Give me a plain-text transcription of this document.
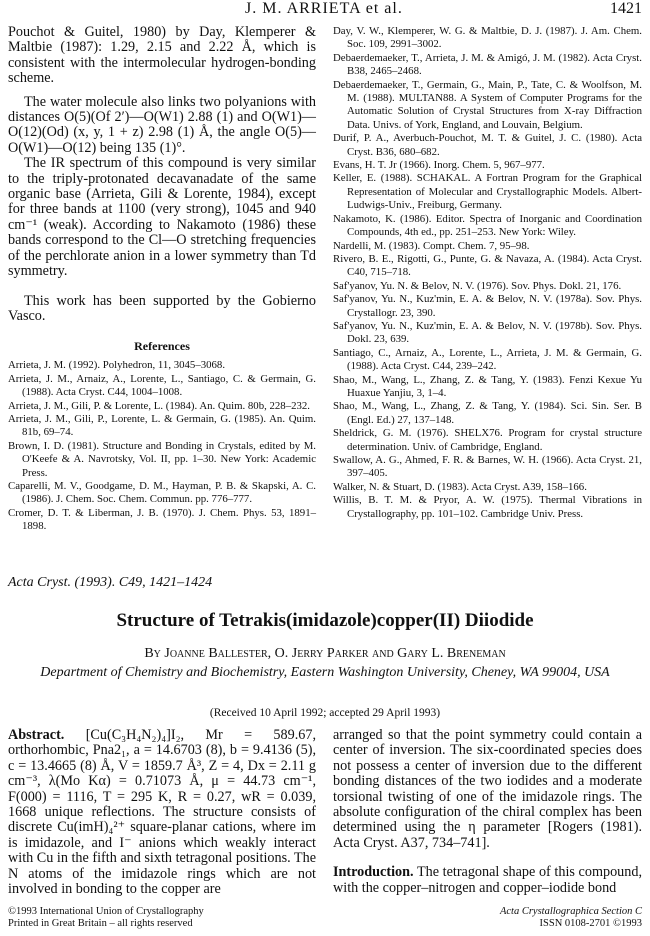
J. M. ARRIETA et al.	1421

Pouchot & Guitel, 1980) by Day, Klemperer & Maltbie (1987): 1.29, 2.15 and 2.22 Å, which is consistent with the intermolecular hydrogen-bonding scheme.

The water molecule also links two polyanions with distances O(5)(Of 2′)—O(W1) 2.88 (1) and O(W1)—O(12)(Od) (x, y, 1 + z) 2.98 (1) Å, the angle O(5)—O(W1)—O(12) being 135 (1)°.

The IR spectrum of this compound is very similar to the triply-protonated decavanadate of the same organic base (Arrieta, Gili & Lorente, 1984), except for three bands at 1100 (very strong), 1045 and 940 cm⁻¹ (weak). According to Nakamoto (1986) these bands correspond to the Cl—O stretching frequencies of the perchlorate anion in a lower symmetry than Td symmetry.

This work has been supported by the Gobierno Vasco.

References

Arrieta, J. M. (1992). Polyhedron, 11, 3045–3068.

Arrieta, J. M., Arnaiz, A., Lorente, L., Santiago, C. & Germain, G. (1988). Acta Cryst. C44, 1004–1008.

Arrieta, J. M., Gili, P. & Lorente, L. (1984). An. Quim. 80b, 228–232.

Arrieta, J. M., Gili, P., Lorente, L. & Germain, G. (1985). An. Quim. 81b, 69–74.

Brown, I. D. (1981). Structure and Bonding in Crystals, edited by M. O'Keefe & A. Navrotsky, Vol. II, pp. 1–30. New York: Academic Press.

Caparelli, M. V., Goodgame, D. M., Hayman, P. B. & Skapski, A. C. (1986). J. Chem. Soc. Chem. Commun. pp. 776–777.

Cromer, D. T. & Liberman, J. B. (1970). J. Chem. Phys. 53, 1891–1898.

Day, V. W., Klemperer, W. G. & Maltbie, D. J. (1987). J. Am. Chem. Soc. 109, 2991–3002.

Debaerdemaeker, T., Arrieta, J. M. & Amigó, J. M. (1982). Acta Cryst. B38, 2465–2468.

Debaerdemaeker, T., Germain, G., Main, P., Tate, C. & Woolfson, M. M. (1988). MULTAN88. A System of Computer Programs for the Automatic Solution of Crystal Structures from X-ray Diffraction Data. Univs. of York, England, and Louvain, Belgium.

Durif, P. A., Averbuch-Pouchot, M. T. & Guitel, J. C. (1980). Acta Cryst. B36, 680–682.

Evans, H. T. Jr (1966). Inorg. Chem. 5, 967–977.

Keller, E. (1988). SCHAKAL. A Fortran Program for the Graphical Representation of Molecular and Crystallographic Models. Albert-Ludwigs-Univ., Freiburg, Germany.

Nakamoto, K. (1986). Editor. Spectra of Inorganic and Coordination Compounds, 4th ed., pp. 251–253. New York: Wiley.

Nardelli, M. (1983). Compt. Chem. 7, 95–98.

Rivero, B. E., Rigotti, G., Punte, G. & Navaza, A. (1984). Acta Cryst. C40, 715–718.

Saf'yanov, Yu. N. & Belov, N. V. (1976). Sov. Phys. Dokl. 21, 176.

Saf'yanov, Yu. N., Kuz'min, E. A. & Belov, N. V. (1978a). Sov. Phys. Crystallogr. 23, 390.

Saf'yanov, Yu. N., Kuz'min, E. A. & Belov, N. V. (1978b). Sov. Phys. Dokl. 23, 639.

Santiago, C., Arnaiz, A., Lorente, L., Arrieta, J. M. & Germain, G. (1988). Acta Cryst. C44, 239–242.

Shao, M., Wang, L., Zhang, Z. & Tang, Y. (1983). Fenzi Kexue Yu Huaxue Yanjiu, 3, 1–4.

Shao, M., Wang, L., Zhang, Z. & Tang, Y. (1984). Sci. Sin. Ser. B (Engl. Ed.) 27, 137–148.

Sheldrick, G. M. (1976). SHELX76. Program for crystal structure determination. Univ. of Cambridge, England.

Swallow, A. G., Ahmed, F. R. & Barnes, W. H. (1966). Acta Cryst. 21, 397–405.

Walker, N. & Stuart, D. (1983). Acta Cryst. A39, 158–166.

Willis, B. T. M. & Pryor, A. W. (1975). Thermal Vibrations in Crystallography, pp. 101–102. Cambridge Univ. Press.

Acta Cryst. (1993). C49, 1421–1424
Structure of Tetrakis(imidazole)copper(II) Diiodide
By Joanne Ballester, O. Jerry Parker and Gary L. Breneman
Department of Chemistry and Biochemistry, Eastern Washington University, Cheney, WA 99004, USA
(Received 10 April 1992; accepted 29 April 1993)

Abstract. [Cu(C₃H₄N₂)₄]I₂, Mr = 589.67, orthorhombic, Pna2₁, a = 14.6703 (8), b = 9.4136 (5), c = 13.4665 (8) Å, V = 1859.7 Å³, Z = 4, Dx = 2.11 g cm⁻³, λ(Mo Kα) = 0.71073 Å, μ = 44.73 cm⁻¹, F(000) = 1116, T = 295 K, R = 0.27, wR = 0.039, 1668 unique reflections. The structure consists of discrete Cu(imH)₄²⁺ square-planar cations, where im is imidazole, and I⁻ anions which weakly interact with Cu in the fifth and sixth tetragonal positions. The N atoms of the imidazole rings which are not involved in bonding to the copper are

arranged so that the point symmetry could contain a center of inversion. The six-coordinated species does not possess a center of inversion due to the different bonding distances of the two iodides and a moderate torsional twisting of one of the imidazole rings. The absolute configuration of the chiral complex has been determined using the η parameter [Rogers (1981). Acta Cryst. A37, 734–741].

Introduction. The tetragonal shape of this compound, with the copper–nitrogen and copper–iodide bond

©1993 International Union of Crystallography
Printed in Great Britain – all rights reserved
Acta Crystallographica Section C
ISSN 0108-2701 ©1993
